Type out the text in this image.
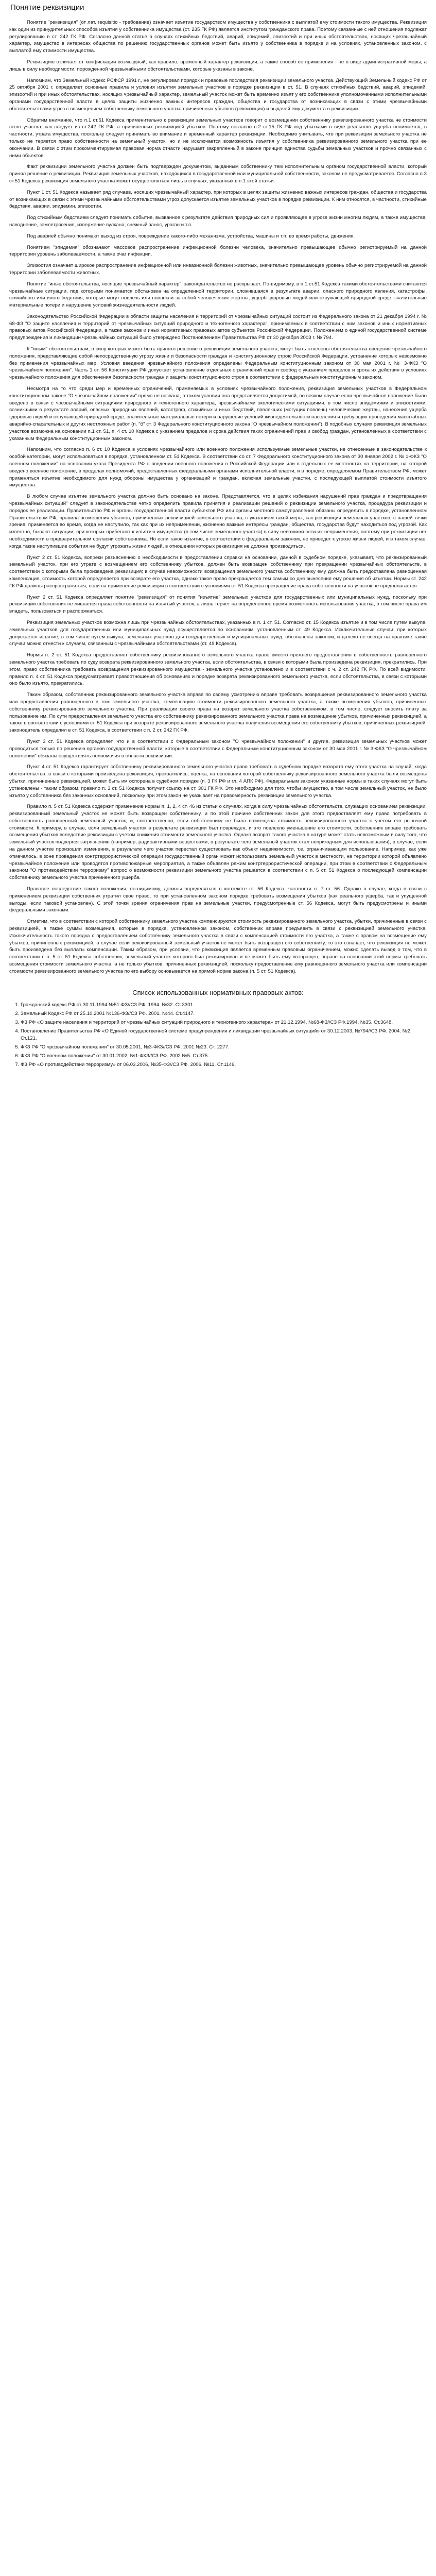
Понятие реквизиции

Понятие "реквизиция" (от лат. requisitio - требование) означает изъятие государством имущества у собственника с выплатой ему стоимости такого имущества. Реквизиция как один из принудительных способов изъятия у собственника имущества (ст. 235 ГК РФ) является институтом гражданского права. Поэтому связанные с ней отношения подлежат регулированию в ст. 242 ГК РФ. Согласно данной статье в случаях стихийных бедствий, аварий, эпидемий, эпизоотий и при иных обстоятельствах, носящих чрезвычайный характер, имущество в интересах общества по решению государственных органов может быть изъято у собственника в порядке и на условиях, установленных законом, с выплатой ему стоимости имущества.

Реквизицию отличает от конфискации возмездный, как правило, временный характер реквизиции, а также способ ее применения - не в виде административной меры, а лишь в силу необходимости, порожденной чрезвычайными обстоятельствами, которые указаны в законе.

Напомним, что Земельный кодекс РСФСР 1991 г., не регулировал порядок и правовые последствия реквизиции земельного участка. Действующий Земельный кодекс РФ от 25 октября 2001 г. определяет основные правила и условия изъятия земельных участков в порядке реквизиции в ст. 51. В случаях стихийных бедствий, аварий, эпидемий, эпизоотий и при иных обстоятельствах, носящих чрезвычайный характер, земельный участок может быть временно изъят у его собственника уполномоченными исполнительными органами государственной власти в целях защиты жизненно важных интересов граждан, общества и государства от возникающих в связи с этими чрезвычайными обстоятельствами угроз с возмещением собственнику земельного участка причиненных убытков (реквизиция) и выдачей ему документа о реквизиции.

Обратим внимание, что п.1 ст.51 Кодекса применительно к реквизиции земельных участков говорит о возмещении собственнику реквизированного участка не стоимости этого участка, как следует из ст.242 ГК РФ, а причиненных реквизицией убытков. Поэтому согласно п.2 ст.15 ГК РФ под убытками в виде реального ущерба понимается, в частности, утрата имущества, поскольку следует принимать во внимание и временный характер реквизиции. Необходимо учитывать, что при реквизиции земельного участка не только не теряется право собственности на земельный участок, но и не исключается возможность изъятия у собственника реквизированного земельного участка при ее окончании. В связи с этим прокомментируемая правовая норма отчасти нарушает закрепленный в законе принцип единства судьбы земельных участков и прочно связанных с ними объектов.

Факт реквизиции земельного участка должен быть подтвержден документом, выданным собственнику тем исполнительным органом государственной власти, который принял решение о реквизиции. Реквизиция земельных участков, находящихся в государственной или муниципальной собственности, законом не предусматривается. Согласно п.3 ст.51 Кодекса реквизиция земельного участка может осуществляться лишь в случаях, указанных в п.1 этой статьи.

Пункт 1 ст. 51 Кодекса называет ряд случаев, носящих чрезвычайный характер, при которых в целях защиты жизненно важных интересов граждан, общества и государства от возникающих в связи с этими чрезвычайными обстоятельствами угроз допускается изъятие земельных участков в порядке реквизиции. К ним относятся, в частности, стихийные бедствия, аварии, эпидемии, эпизоотии.

Под стихийным бедствием следует понимать событие, вызванное к результате действия природных сил и проявляющее в угрозе жизни многим людям, а также имущества: наводнение, землетрясение, извержение вулкана, снежный занос, ураган и т.п.

Под аварией обычно понимают выход из строя, повреждение какого-либо механизма, устройства, машины и т.п. во время работы, движения.

Понятием "эпидемия" обозначают массовое распространение инфекционной болезни человека, значительно превышающее обычно регистрируемый на данной территории уровень заболеваемости, а также очаг инфекции.

Эпизоотия означает широкое распространение инфекционной или инвазионной болезни животных, значительно превышающее уровень обычно регистрируемой на данной территории заболеваемости животных.

Понятие "иные обстоятельства, носящие чрезвычайный характер", законодательство не раскрывает. По-видимому, в п.1 ст.51 Кодекса такими обстоятельствами считаются чрезвычайные ситуации, под которыми понимается обстановка на определенной территории, сложившаяся в результате аварии, опасного природного явления, катастрофы, стихийного или иного бедствия, которые могут повлечь или повлекли за собой человеческие жертвы, ущерб здоровью людей или окружающей природной среде, значительные материальные потери и нарушение условий жизнедеятельности людей.

Законодательство Российской Федерации в области защиты населения и территорий от чрезвычайных ситуаций состоит из Федерального закона от 21 декабря 1994 г. № 68-ФЗ "О защите населения и территорий от чрезвычайных ситуаций природного и техногенного характера", принимаемых в соответствии с ним законов и иных нормативных правовых актов Российской Федерации, а также законов и иных нормативных правовых актов субъектов Российской Федерации. Положением о единой государственной системе предупреждения и ликвидации чрезвычайных ситуаций было утверждено Постановлением Правительства РФ от 30 декабря 2003 г. № 794.

К "иным" обстоятельствам, в силу которых может быть принято решение о реквизиции земельного участка, могут быть отнесены обстоятельства введения чрезвычайного положения, представляющие собой непосредственную угрозу жизни и безопасности граждан и конституционному строю Российской Федерации, устранение которых невозможно без применения чрезвычайных мер. Условия введения чрезвычайного положения определены Федеральным конституционным законом от 30 мая 2001 г. № 3-ФКЗ "О чрезвычайном положении". Часть 1 ст. 56 Конституции РФ допускает установление отдельных ограничений прав и свобод с указанием пределов и срока их действия в условиях чрезвычайного положения для обеспечения безопасности граждан и защиты конституционного строя в соответствии с федеральным конституционным законом.

Несмотря на то что среди мер и временных ограничений, применяемых в условиях чрезвычайного положения, реквизиция земельных участков в Федеральном конституционном законе "О чрезвычайном положении" прямо не названа, в таком условии она представляется допустимой, во всяком случае если чрезвычайное положение было введено в связи с чрезвычайными ситуациями природного и техногенного характера, чрезвычайными экологическими ситуациями, в том числе эпидемиями и эпизоотиями, возникшими в результате аварий, опасных природных явлений, катастроф, стихийных и иных бедствий, повлекших (могущих повлечь) человеческие жертвы, нанесение ущерба здоровью людей и окружающей природной среде, значительные материальные потери и нарушение условий жизнедеятельности населения и требующих проведения масштабных аварийно-спасательных и других неотложных работ (п. "б" ст. 3 Федерального конституционного закона "О чрезвычайном положении"). В подобных случаях реквизиция земельных участков возможна на основании п.1 ст. 51, п. 4 ст. 10 Кодекса с указанием пределов и срока действия таких ограничений прав и свобод граждан, установленных в соответствии с указанным Федеральным конституционным законом.

Напомним, что согласно п. 6 ст. 10 Кодекса в условиях чрезвычайного или военного положения используемые земельные участки, не отнесенные в законодательстве к особой категории, могут использоваться в порядке, установленном ст. 51 Кодекса. В соответствии со ст. 7 Федерального конституционного закона от 30 января 2002 г. № 1-ФКЗ "О военном положении" на основании указа Президента РФ о введении военного положения в Российской Федерации или в отдельных ее местностях на территории, на которой введено военное положение, в пределах полномочий, предоставленных федеральными органами исполнительной власти, и в порядке, определяемом Правительством РФ, может применяться изъятие необходимого для нужд обороны имущества у организаций и граждан, включая земельные участки, с последующей выплатой стоимости изъятого имущества.

В любом случае изъятие земельного участка должно быть основано на законе. Представляется, что в целях избежания нарушений прав граждан и предотвращения чрезвычайных ситуаций" следует в законодательстве четко определить правила принятия и реализации решений о реквизиции земельного участка, процедура реквизиции и порядок ее реализации. Правительство РФ и органы государственной власти субъектов РФ или органы местного самоуправления обязаны определить в порядке, установленном Правительством РФ, правила возмещения убытков, причиненных реквизицией земельного участка, с указанием такой меры, как реквизиция земельных участков, с нашей точки зрения, применяется во время, когда не наступило, так как при их неприменении, жизненно важные интересы граждан, общества, государства будут находиться под угрозой. Как известно, бывают ситуации, при которых прибегают к изъятию имущества (в том числе земельного участка) в силу невозможности их неприменения, поэтому при реквизиции нет необходимости в предварительном согласии собственника. Но если такое изъятие, в соответствии с федеральным законом, не приведет к угрозе жизни людей, и в таком случае, когда такие наступившие события не будут угрожать жизни людей, в отношении которых реквизиция не должна производиться.

Пункт 2 ст. 51 Кодекса, вопреки разъяснению о необходимости в предоставлении справки на основании, данной в судебном порядке, указывает, что реквизированный земельный участок, при его утрате с возмещением его собственнику убытков, должен быть возвращен собственнику при прекращении чрезвычайных обстоятельств, в соответствии с которыми была произведена реквизиция; в случае невозможности возвращения земельного участка собственнику ему должна быть предоставлена равноценная компенсация, стоимость которой определяется при возврате его участка, однако такое право прекращается тем самым со дня вынесения ему решения об изъятии. Нормы ст. 242 ГК РФ должны распространяться, если на применение реквизиции в соответствии с условиями ст. 51 Кодекса прекращение права собственности на участок не предполагается.

Пункт 2 ст. 51 Кодекса определяет понятие "реквизиция" от понятия "изъятие" земельных участков для государственных или муниципальных нужд, поскольку при реквизиции собственник не лишается права собственности на изъятый участок, а лишь теряет на определенное время возможность использования участка, в том числе права им владеть, пользоваться и распоряжаться.

Реквизиция земельных участков возможна лишь при чрезвычайных обстоятельствах, указанных в п. 1 ст. 51. Согласно ст. 15 Кодекса изъятие и в том числе путем выкупа, земельных участков для государственных или муниципальных нужд осуществляется по основаниям, установленным ст. 49 Кодекса. Исключительные случаи, при которых допускается изъятие, в том числе путем выкупа, земельных участков для государственных и муниципальных нужд, обозначены законом, и далеко не всегда на практике такие случаи можно отнести к случаям, связанным с чрезвычайными обстоятельствами (ст. 49 Кодекса).

Нормы п. 2 ст. 51 Кодекса предоставляет собственнику реквизированного земельного участка право вместо прежнего предоставления в собственность равноценного земельного участка требовать по суду возврата реквизированного земельного участка, если обстоятельства, в связи с которыми была произведена реквизиция, прекратились. При этом, право собственника требовать возвращения реквизированного имущества - земельного участка установлено и в соответствии с ч. 2 ст. 242 ГК РФ. По всей видимости, правило п. 4 ст. 51 Кодекса предусматривает правоотношения об основаниях и порядке возврата реквизированного земельного участка, если обстоятельства, в связи с которыми оно было изъято, прекратились.

Таким образом, собственник реквизированного земельного участка вправе по своему усмотрению вправе требовать возвращения реквизированного земельного участка или предоставления равноценного в том земельного участка, компенсацию стоимости реквизированного земельного участка, а также возмещения убытков, причиненных собственнику реквизированного земельного участка. При реализации своего права на возврат земельного участка собственником, в том числе, следует вносить плату за пользование им. По сути предоставления земельного участка его собственнику реквизированного земельного участка права на возмещение убытков, причиненных реквизицией, а также в соответствии с условиями ст. 51 Кодекса при возврате реквизированного земельного участка получения возмещения его собственнику убытков, причиненных реквизицией, законодатель определил в ст. 51 Кодекса, в соответствии с п. 2 ст. 242 ГК РФ.

Пункт 3 ст. 51 Кодекса определяет, что и в соответствии с Федеральным законом "О чрезвычайном положении" и другие, реквизиция земельных участков может проводиться только по решению органов государственной власти, которые в соответствии с Федеральным конституционным законом от 30 мая 2001 г. № 3-ФКЗ "О чрезвычайном положении" обязаны осуществлять полномочия в области реквизиции.

Пункт 4 ст. 51 Кодекса гарантирует собственнику реквизированного земельного участка право требовать в судебном порядке возврата ему этого участка на случай, когда обстоятельства, в связи с которыми произведена реквизиция, прекратились; оценка, на основании которой собственнику реквизированного земельного участка были возмещены убытки, причиненные реквизицией, может быть им оспорена в судебном порядке (п. 3 ГК РФ и гл. 4 АПК РФ). Федеральным законом указанные нормы в таких случаях могут быть установлены - таким образом, правило п. 3 ст. 51 Кодекса получит ссылку на ст. 301 ГК РФ. Это необходимо для того, чтобы имущество, в том числе земельный участок, не было изъято у собственника без законных оснований, поскольку при этом закон не указывает на правомерность реквизиции земельного участка.

Правило п. 5 ст. 51 Кодекса содержит применение нормы п. 1, 2, 4 ст. 46 из статьи о случаях, когда в силу чрезвычайных обстоятельств, служащих основанием реквизиции, реквизированный земельный участок не может быть возвращен собственнику, и по этой причине собственник закон для этого предоставляет ему право потребовать в собственность равноценный земельный участок, и, соответственно, если собственнику не была возмещена стоимость реквизированного участка с учетом его рыночной стоимости. К примеру, в случае, если земельный участок в результате реквизиции был поврежден, и это повлекло уменьшение его стоимости, собственник вправе требовать возмещения убытков вследствие реквизиции с учетом снижения стоимости земельного участка. Однако возврат такого участка в натуре может стать невозможным в силу того, что земельный участок подвергся загрязнению (например, радиоактивными веществами, в результате чего земельный участок стал непригодным для использования), в случае, если на данном участке произошли изменения, в результате чего участок перестал существовать как объект недвижимости, т.е. ограничивающим пользование. Например, как уже отмечалось, в зоне проведения контртеррористической операции государственный орган может использовать земельный участок в местности, на территории которой объявлено чрезвычайное положение или проводятся противопожарные мероприятия, а также объявлен режим контртеррористической операции, при этом в соответствии с Федеральным законом "О противодействии терроризму" вопрос о возможности реквизиции земельного участка решается в соответствии с п. 5 ст. 51 Кодекса о последующей компенсации собственнику земельного участка причиненного ущерба.

Правовое последствие такого положения, по-видимому, должны определяться в контексте ст. 56 Кодекса, частности п. 7 ст. 56. Однако в случае, когда в связи с применением реквизиции собственник утратил свое право, то при установленном законом порядке требовать возмещения убытков (как реального ущерба, так и упущенной выгоды, если таковой установлен). С этой точки зрения ограничения прав на земельные участки, предусмотренные ст. 56 Кодекса, могут быть предусмотрены и иными федеральными законами.

Отметим, что в соответствии с которой собственнику земельного участка компенсируются стоимость реквизированного земельного участка, убытки, причиненные в связи с реквизицией, а также суммы возмещения, которые в порядке, установленном законом, собственник вправе предъявить в связи с реквизицией земельного участка. Исключительность такого порядка с предоставлением собственнику земельного участка в связи с компенсацией стоимости его участка, а также с правом на возмещение ему убытков, причиненных реквизицией, в случае если реквизированный земельный участок не может быть возвращен его собственнику, то это означает, что реквизиция не может быть произведена без выплаты компенсации. Таким образом, при условии, что реквизиция является временным правовым ограничением, можно сделать вывод о том, что в соответствии с п. 5 ст. 51 Кодекса собственник, земельный участок которого был реквизирован и не может быть ему возвращен, вправе на основании этой нормы требовать возмещения стоимости земельного участка, а не только убытков, причиненных реквизицией, поскольку предоставление ему равноценного земельного участка или компенсации стоимости реквизированного земельного участка по его выбору основывается на прямой норме закона (п. 5 ст. 51 Кодекса).

Список использованных нормативных правовых актов:
1. Гражданский кодекс РФ от 30.11.1994 №51-ФЗ//СЗ РФ. 1994. №32. Ст.3301.
2. Земельный Кодекс РФ от 25.10.2001 №136-ФЗ//СЗ РФ. 2001. №44. Ст.4147.
3. ФЗ РФ «О защите населения и территорий от чрезвычайных ситуаций природного и техногенного характера» от 21.12.1994, №68-ФЗ//СЗ РФ.1994. №35. Ст.3648.
4. Постановление Правительства РФ «О Единой государственной системе предупреждения и ликвидации чрезвычайных ситуаций» от 30.12.2003. №794//СЗ РФ. 2004. №2. Ст.121.
5. ФКЗ РФ "О чрезвычайном положении" от 30.05.2001, №3-ФКЗ//СЗ РФ. 2001.№23. Ст. 2277.
6. ФКЗ РФ "О военном положении" от 30.01.2002, №1-ФКЗ//СЗ РФ. 2002.№5. Ст.375.
7. ФЗ РФ «О противодействии терроризму» от 06.03.2006, №35-ФЗ//СЗ РФ. 2006. №11. Ст.1146.
